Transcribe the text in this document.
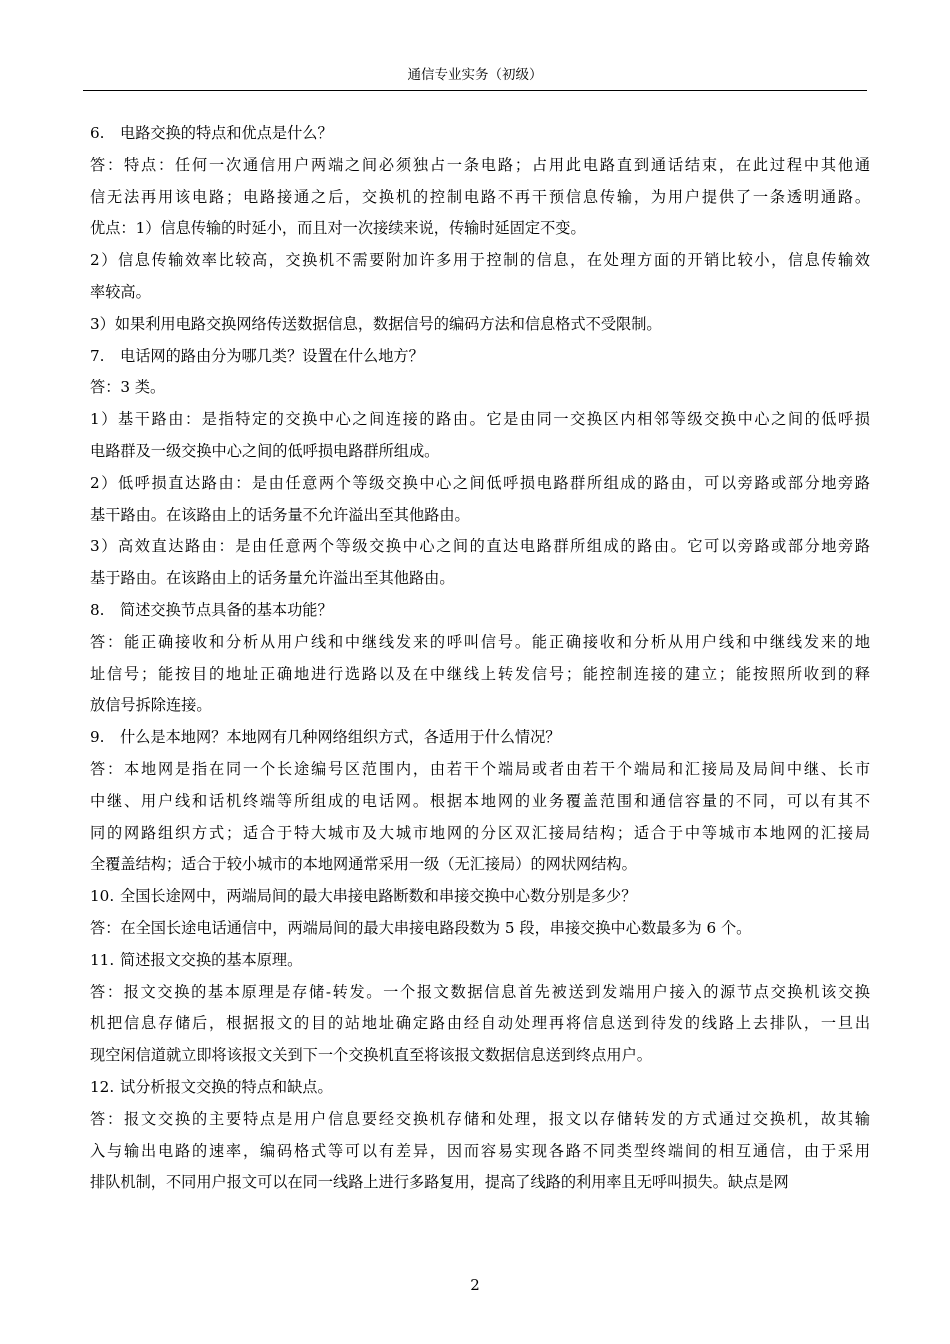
通信专业实务（初级）
6. 电路交换的特点和优点是什么？
答：特点：任何一次通信用户两端之间必须独占一条电路；占用此电路直到通话结束，在此过程中其他通
信无法再用该电路；电路接通之后，交换机的控制电路不再干预信息传输，为用户提供了一条透明通路。
优点：1）信息传输的时延小，而且对一次接续来说，传输时延固定不变。
2）信息传输效率比较高，交换机不需要附加许多用于控制的信息，在处理方面的开销比较小，信息传输效
率较高。
3）如果利用电路交换网络传送数据信息，数据信号的编码方法和信息格式不受限制。
7. 电话网的路由分为哪几类？设置在什么地方？
答：3 类。
1）基干路由：是指特定的交换中心之间连接的路由。它是由同一交换区内相邻等级交换中心之间的低呼损
电路群及一级交换中心之间的低呼损电路群所组成。
2）低呼损直达路由：是由任意两个等级交换中心之间低呼损电路群所组成的路由，可以旁路或部分地旁路
基干路由。在该路由上的话务量不允许溢出至其他路由。
3）高效直达路由：是由任意两个等级交换中心之间的直达电路群所组成的路由。它可以旁路或部分地旁路
基于路由。在该路由上的话务量允许溢出至其他路由。
8. 简述交换节点具备的基本功能？
答：能正确接收和分析从用户线和中继线发来的呼叫信号。能正确接收和分析从用户线和中继线发来的地
址信号；能按目的地址正确地进行选路以及在中继线上转发信号；能控制连接的建立；能按照所收到的释
放信号拆除连接。
9. 什么是本地网？本地网有几种网络组织方式，各适用于什么情况？
答：本地网是指在同一个长途编号区范围内，由若干个端局或者由若干个端局和汇接局及局间中继、长市
中继、用户线和话机终端等所组成的电话网。根据本地网的业务覆盖范围和通信容量的不同，可以有其不
同的网路组织方式；适合于特大城市及大城市地网的分区双汇接局结构；适合于中等城市本地网的汇接局
全覆盖结构；适合于较小城市的本地网通常采用一级（无汇接局）的网状网结构。
10. 全国长途网中，两端局间的最大串接电路断数和串接交换中心数分别是多少？
答：在全国长途电话通信中，两端局间的最大串接电路段数为 5 段，串接交换中心数最多为 6 个。
11. 简述报文交换的基本原理。
答：报文交换的基本原理是存储-转发。一个报文数据信息首先被送到发端用户接入的源节点交换机该交换
机把信息存储后，根据报文的目的站地址确定路由经自动处理再将信息送到待发的线路上去排队，一旦出
现空闲信道就立即将该报文关到下一个交换机直至将该报文数据信息送到终点用户。
12. 试分析报文交换的特点和缺点。
答：报文交换的主要特点是用户信息要经交换机存储和处理，报文以存储转发的方式通过交换机，故其输
入与输出电路的速率，编码格式等可以有差异，因而容易实现各路不同类型终端间的相互通信，由于采用
排队机制，不同用户报文可以在同一线路上进行多路复用，提高了线路的利用率且无呼叫损失。缺点是网
2
